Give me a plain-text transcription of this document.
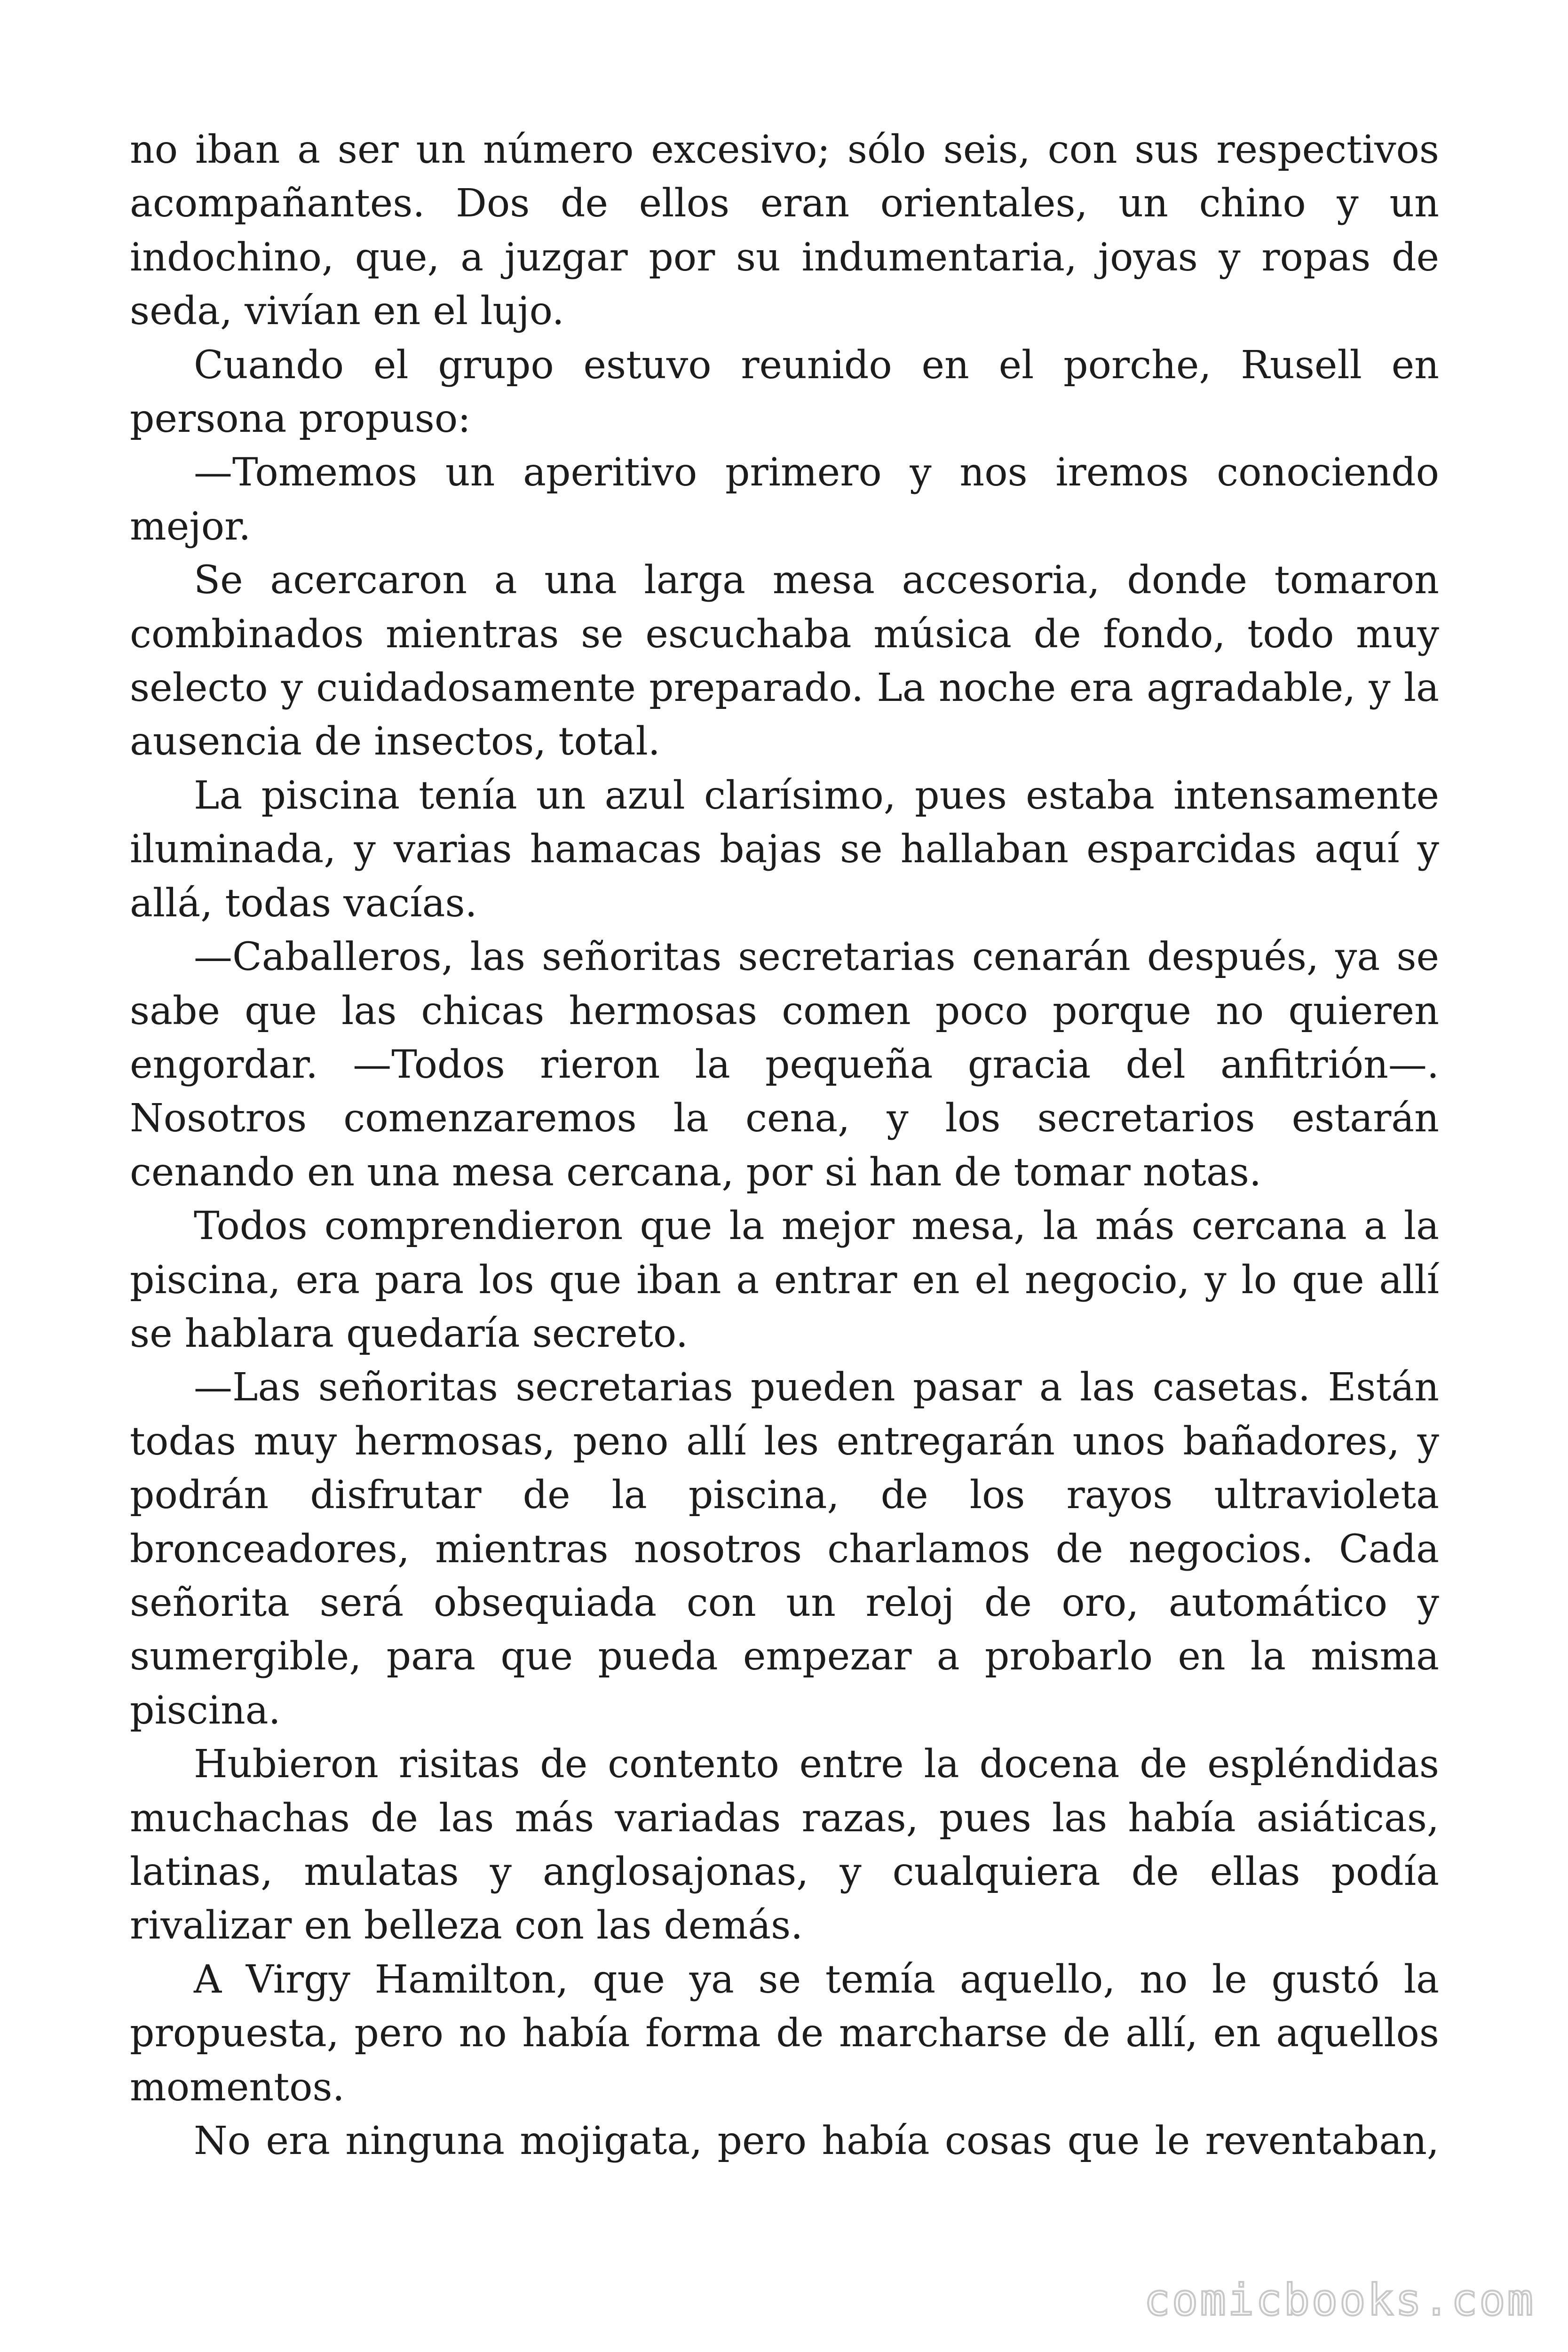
no iban a ser un número excesivo; sólo seis, con sus respectivos acompañantes. Dos de ellos eran orientales, un chino y un indochino, que, a juzgar por su indumentaria, joyas y ropas de seda, vivían en el lujo.

Cuando el grupo estuvo reunido en el porche, Rusell en persona propuso:

—Tomemos un aperitivo primero y nos iremos conociendo mejor.

Se acercaron a una larga mesa accesoria, donde tomaron combinados mientras se escuchaba música de fondo, todo muy selecto y cuidadosamente preparado. La noche era agradable, y la ausencia de insectos, total.

La piscina tenía un azul clarísimo, pues estaba intensamente iluminada, y varias hamacas bajas se hallaban esparcidas aquí y allá, todas vacías.

—Caballeros, las señoritas secretarias cenarán después, ya se sabe que las chicas hermosas comen poco porque no quieren engordar. —Todos rieron la pequeña gracia del anfitrión—. Nosotros comenzaremos la cena, y los secretarios estarán cenando en una mesa cercana, por si han de tomar notas.

Todos comprendieron que la mejor mesa, la más cercana a la piscina, era para los que iban a entrar en el negocio, y lo que allí se hablara quedaría secreto.

—Las señoritas secretarias pueden pasar a las casetas. Están todas muy hermosas, peno allí les entregarán unos bañadores, y podrán disfrutar de la piscina, de los rayos ultravioleta bronceadores, mientras nosotros charlamos de negocios. Cada señorita será obsequiada con un reloj de oro, automático y sumergible, para que pueda empezar a probarlo en la misma piscina.

Hubieron risitas de contento entre la docena de espléndidas muchachas de las más variadas razas, pues las había asiáticas, latinas, mulatas y anglosajonas, y cualquiera de ellas podía rivalizar en belleza con las demás.

A Virgy Hamilton, que ya se temía aquello, no le gustó la propuesta, pero no había forma de marcharse de allí, en aquellos momentos.

No era ninguna mojigata, pero había cosas que le reventaban,

comicbooks.com
